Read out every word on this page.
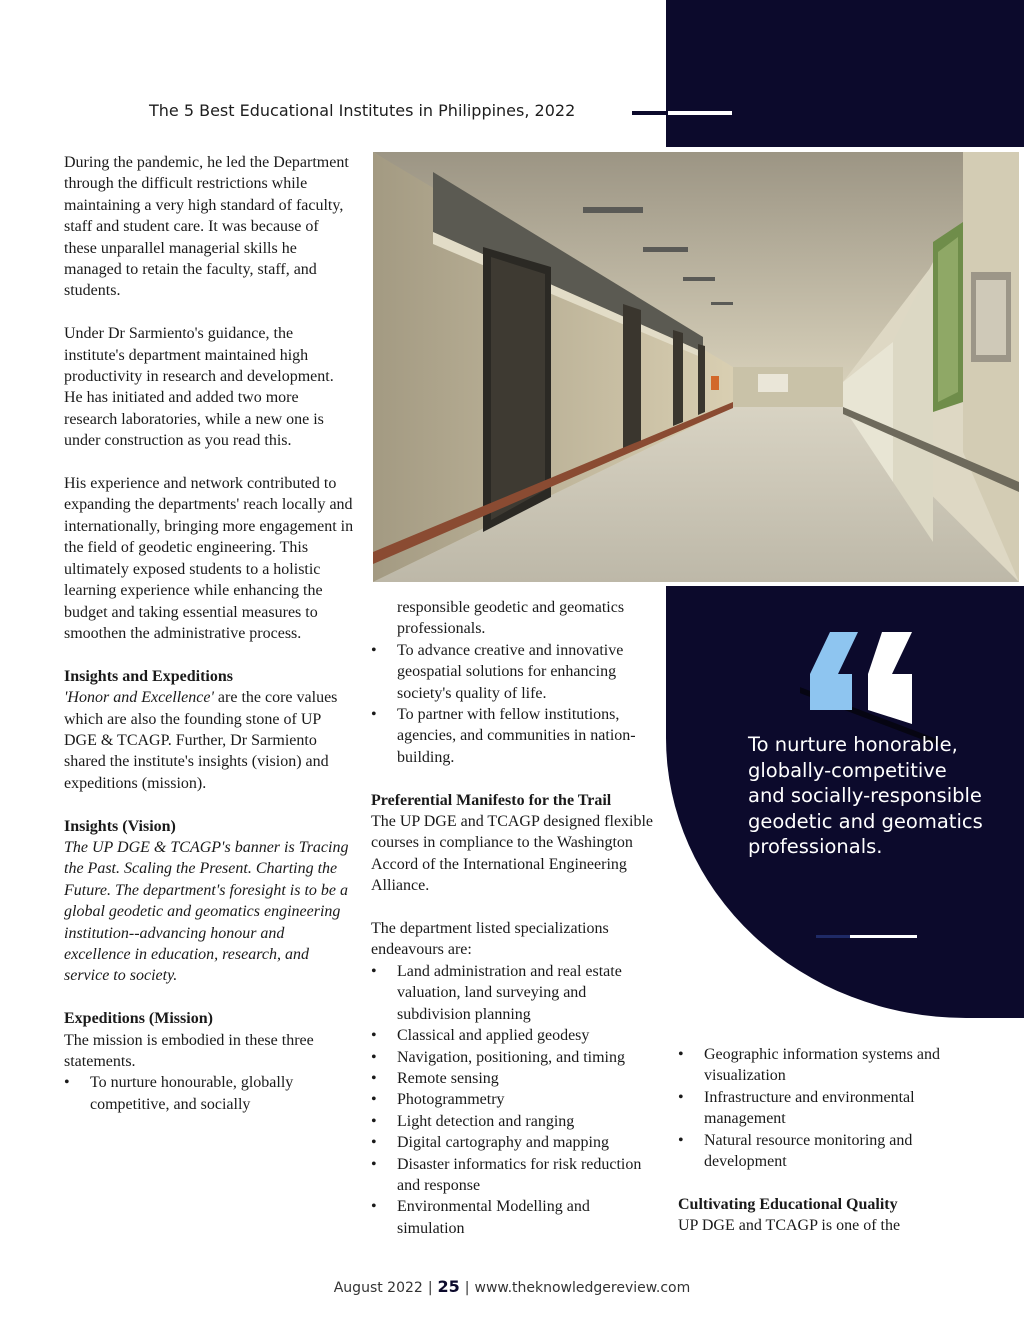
The 5 Best Educational Institutes in Philippines, 2022

During the pandemic, he led the Department through the difficult restrictions while maintaining a very high standard of faculty, staff and student care. It was because of these unparallel managerial skills he managed to retain the faculty, staff, and students.

Under Dr Sarmiento's guidance, the institute's department maintained high productivity in research and development. He has initiated and added two more research laboratories, while a new one is under construction as you read this.

His experience and network contributed to expanding the departments' reach locally and internationally, bringing more engagement in the field of geodetic engineering. This ultimately exposed students to a holistic learning experience while enhancing the budget and taking essential measures to smoothen the administrative process.

Insights and Expeditions

'Honor and Excellence' are the core values which are also the founding stone of UP DGE & TCAGP. Further, Dr Sarmiento shared the institute's insights (vision) and expeditions (mission).

Insights (Vision)

The UP DGE & TCAGP's banner is Tracing the Past. Scaling the Present. Charting the Future. The department's foresight is to be a global geodetic and geomatics engineering institution--advancing honour and excellence in education, research, and service to society.

Expeditions (Mission)

The mission is embodied in these three statements.

• To nurture honourable, globally competitive, and socially

responsible geodetic and geomatics professionals.

• To advance creative and innovative geospatial solutions for enhancing society's quality of life.
• To partner with fellow institutions, agencies, and communities in nation-building.

Preferential Manifesto for the Trail

The UP DGE and TCAGP designed flexible courses in compliance to the Washington Accord of the International Engineering Alliance.

The department listed specializations endeavours are:

• Land administration and real estate valuation, land surveying and subdivision planning
• Classical and applied geodesy
• Navigation, positioning, and timing
• Remote sensing
• Photogrammetry
• Light detection and ranging
• Digital cartography and mapping
• Disaster informatics for risk reduction and response
• Environmental Modelling and simulation
To nurture honorable, globally-competitive and socially-responsible geodetic and geomatics professionals.
• Geographic information systems and visualization
• Infrastructure and environmental management
• Natural resource monitoring and development

Cultivating Educational Quality

UP DGE and TCAGP is one of the

August 2022 | 25 | www.theknowledgereview.com
